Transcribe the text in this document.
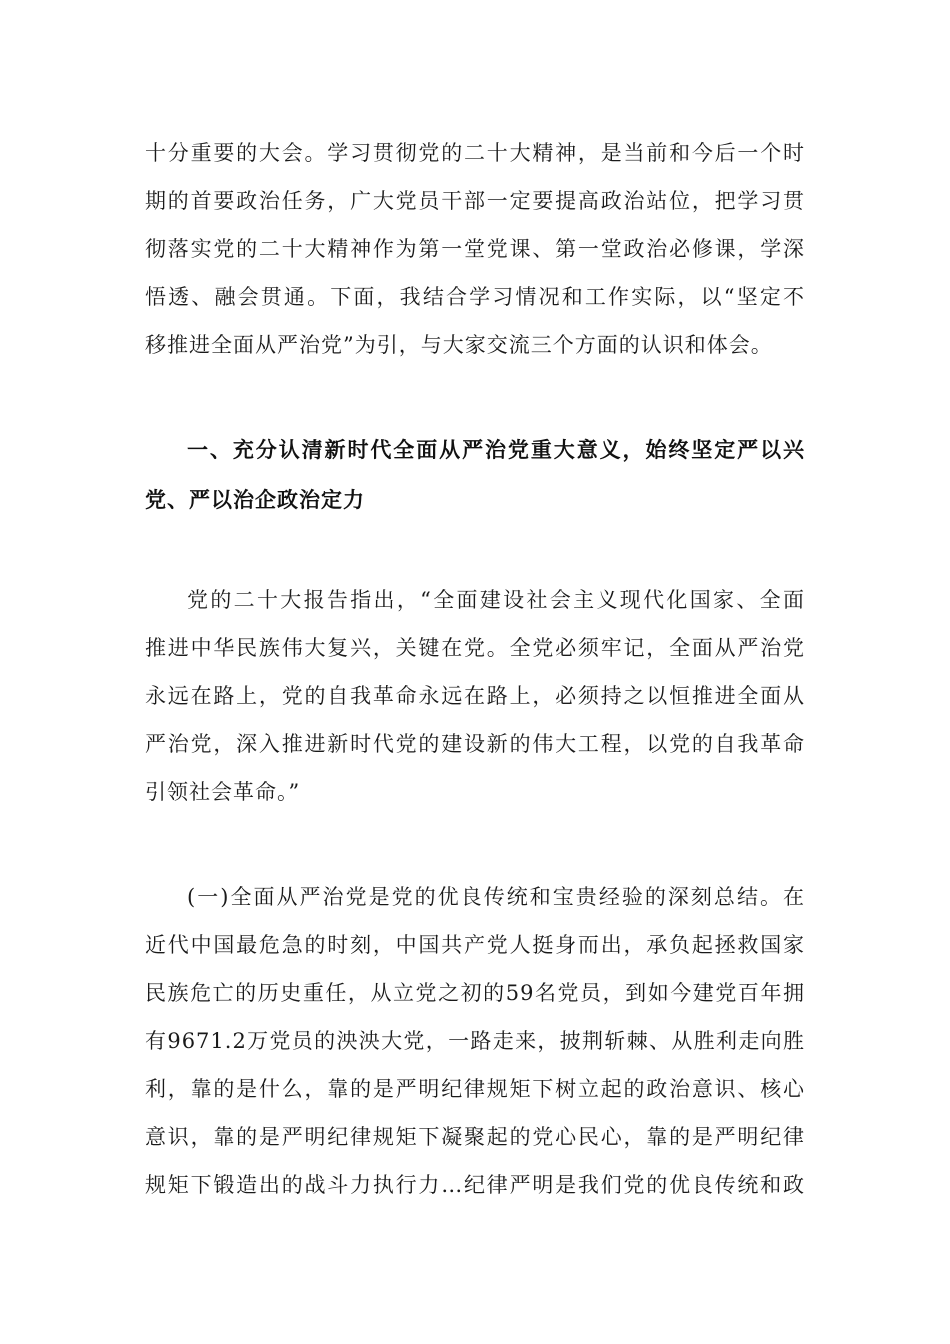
十分重要的大会。学习贯彻党的二十大精神，是当前和今后一个时
期的首要政治任务，广大党员干部一定要提高政治站位，把学习贯
彻落实党的二十大精神作为第一堂党课、第一堂政治必修课，学深
悟透、融会贯通。下面，我结合学习情况和工作实际，以“坚定不
移推进全面从严治党”为引，与大家交流三个方面的认识和体会。
一、充分认清新时代全面从严治党重大意义，始终坚定严以兴
党、严以治企政治定力
党的二十大报告指出，“全面建设社会主义现代化国家、全面
推进中华民族伟大复兴，关键在党。全党必须牢记，全面从严治党
永远在路上，党的自我革命永远在路上，必须持之以恒推进全面从
严治党，深入推进新时代党的建设新的伟大工程，以党的自我革命
引领社会革命。”
(一)全面从严治党是党的优良传统和宝贵经验的深刻总结。在
近代中国最危急的时刻，中国共产党人挺身而出，承负起拯救国家
民族危亡的历史重任，从立党之初的59名党员，到如今建党百年拥
有9671.2万党员的泱泱大党，一路走来，披荆斩棘、从胜利走向胜
利，靠的是什么，靠的是严明纪律规矩下树立起的政治意识、核心
意识，靠的是严明纪律规矩下凝聚起的党心民心，靠的是严明纪律
规矩下锻造出的战斗力执行力…纪律严明是我们党的优良传统和政
